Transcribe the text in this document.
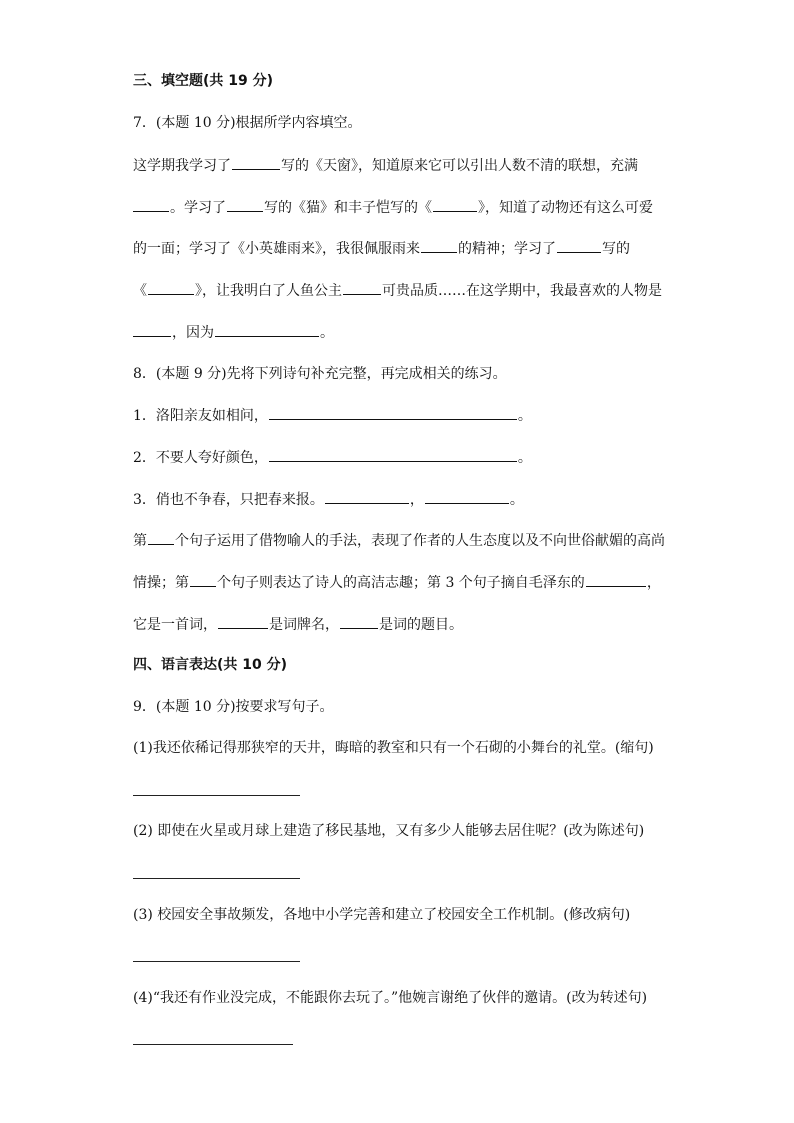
三、填空题(共 19 分)
7．(本题 10 分)根据所学内容填空。
这学期我学习了	写的《天窗》，知道原来它可以引出人数不清的联想，充满
。学习了	写的《猫》和丰子恺写的《	》，知道了动物还有这么可爱
的一面；学习了《小英雄雨来》，我很佩服雨来	的精神；学习了	写的
《	》，让我明白了人鱼公主	可贵品质……在这学期中，我最喜欢的人物是
，因为	。
8．(本题 9 分)先将下列诗句补充完整，再完成相关的练习。
1．洛阳亲友如相问，	。
2．不要人夸好颜色，	。
3．俏也不争春，只把春来报。	，	。
第 个句子运用了借物喻人的手法，表现了作者的人生态度以及不向世俗献媚的高尚
情操；第 个句子则表达了诗人的高洁志趣；第 3 个句子摘自毛泽东的	，
它是一首词，	是词牌名，	是词的题目。
四、语言表达(共 10 分)
9．(本题 10 分)按要求写句子。
(1)我还依稀记得那狭窄的天井，晦暗的教室和只有一个石砌的小舞台的礼堂。(缩句)
(2) 即使在火星或月球上建造了移民基地，又有多少人能够去居住呢？(改为陈述句)
(3) 校园安全事故频发，各地中小学完善和建立了校园安全工作机制。(修改病句)
(4)“我还有作业没完成，不能跟你去玩了。”他婉言谢绝了伙伴的邀请。(改为转述句)
